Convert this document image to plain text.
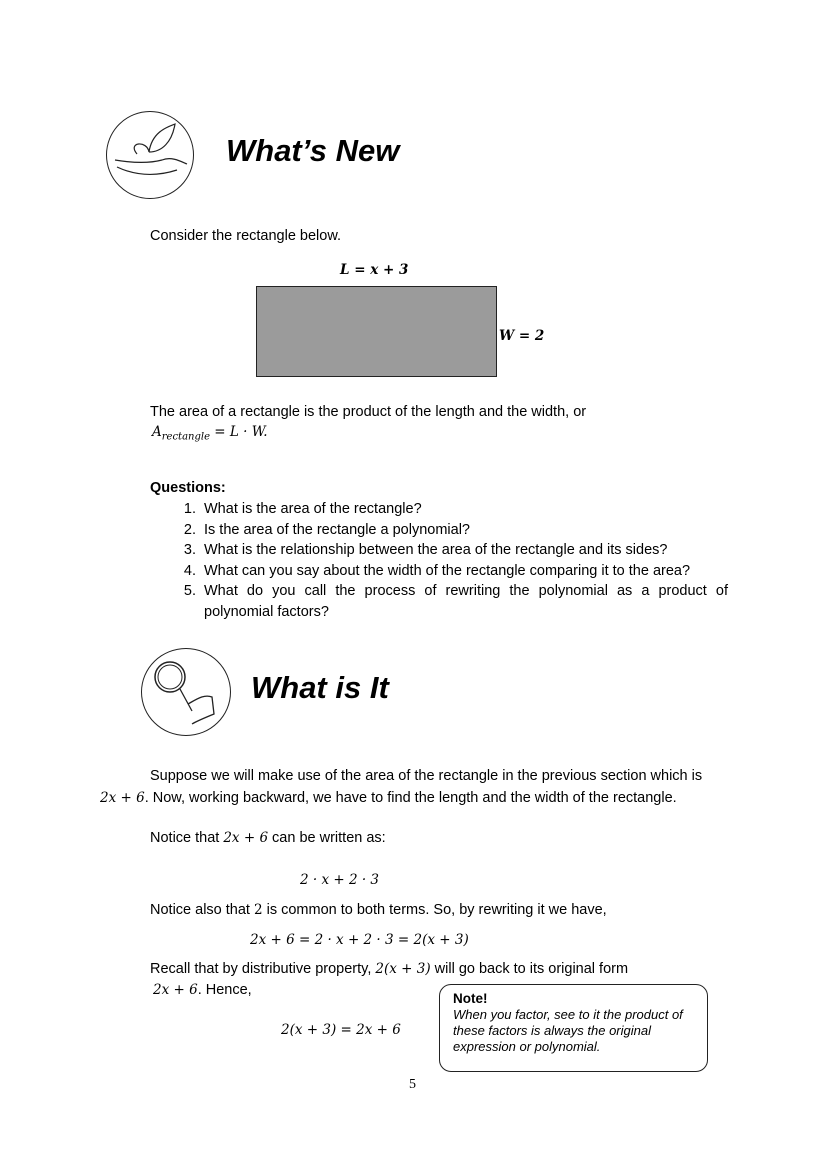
What’s New
Consider the rectangle below.
L = x + 3
W = 2
The area of a rectangle is the product of the length and the width, or
$A_{rectangle} = L \cdot W$.
Questions:
1. What is the area of the rectangle?
2. Is the area of the rectangle a polynomial?
3. What is the relationship between the area of the rectangle and its sides?
4. What can you say about the width of the rectangle comparing it to the area?
5. What do you call the process of rewriting the polynomial as a product of polynomial factors?
What is It
Suppose we will make use of the area of the rectangle in the previous section which is
2x + 6. Now, working backward, we have to find the length and the width of the rectangle.
Notice that 2x + 6 can be written as:
2 · x + 2 · 3
Notice also that 2 is common to both terms. So, by rewriting it we have,
2x + 6 = 2 · x + 2 · 3 = 2(x + 3)
Recall that by distributive property, 2(x + 3) will go back to its original form
2x + 6. Hence,
2(x + 3) = 2x + 6
Note!
When you factor, see to it the product of these factors is always the original expression or polynomial.
5
